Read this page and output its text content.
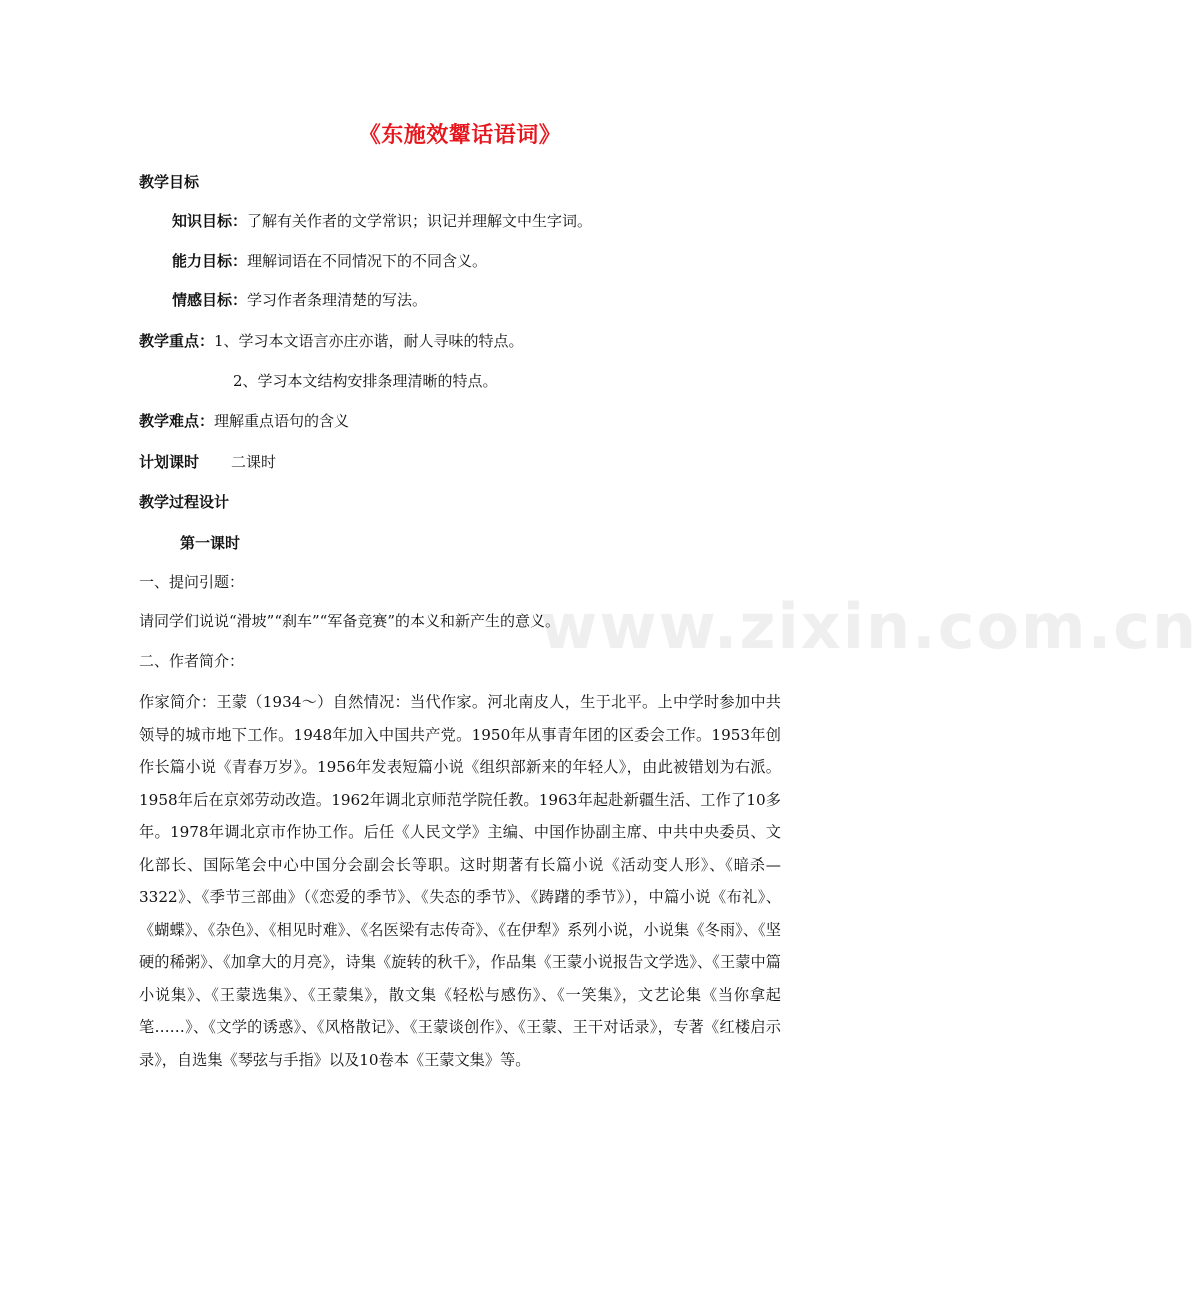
《东施效颦话语词》
教学目标
知识目标：了解有关作者的文学常识；识记并理解文中生字词。
能力目标：理解词语在不同情况下的不同含义。
情感目标：学习作者条理清楚的写法。
教学重点：1、学习本文语言亦庄亦谐，耐人寻味的特点。
2、学习本文结构安排条理清晰的特点。
教学难点：理解重点语句的含义
计划课时 二课时
教学过程设计
第一课时
一、提问引题：
请同学们说说“滑坡”“刹车”“军备竞赛”的本义和新产生的意义。
二、作者简介：
作家简介：王蒙（1934～）自然情况：当代作家。河北南皮人，生于北平。上中学时参加中共领导的城市地下工作。1948年加入中国共产党。1950年从事青年团的区委会工作。1953年创作长篇小说《青春万岁》。1956年发表短篇小说《组织部新来的年轻人》，由此被错划为右派。1958年后在京郊劳动改造。1962年调北京师范学院任教。1963年起赴新疆生活、工作了10多年。1978年调北京市作协工作。后任《人民文学》主编、中国作协副主席、中共中央委员、文化部长、国际笔会中心中国分会副会长等职。这时期著有长篇小说《活动变人形》、《暗杀—3322》、《季节三部曲》（《恋爱的季节》、《失态的季节》、《踌躇的季节》），中篇小说《布礼》、《蝴蝶》、《杂色》、《相见时难》、《名医梁有志传奇》、《在伊犁》系列小说，小说集《冬雨》、《坚硬的稀粥》、《加拿大的月亮》，诗集《旋转的秋千》，作品集《王蒙小说报告文学选》、《王蒙中篇小说集》、《王蒙选集》、《王蒙集》，散文集《轻松与感伤》、《一笑集》，文艺论集《当你拿起笔……》、《文学的诱惑》、《风格散记》、《王蒙谈创作》、《王蒙、王干对话录》，专著《红楼启示录》，自选集《琴弦与手指》以及10卷本《王蒙文集》等。
www.zixin.com.cn
